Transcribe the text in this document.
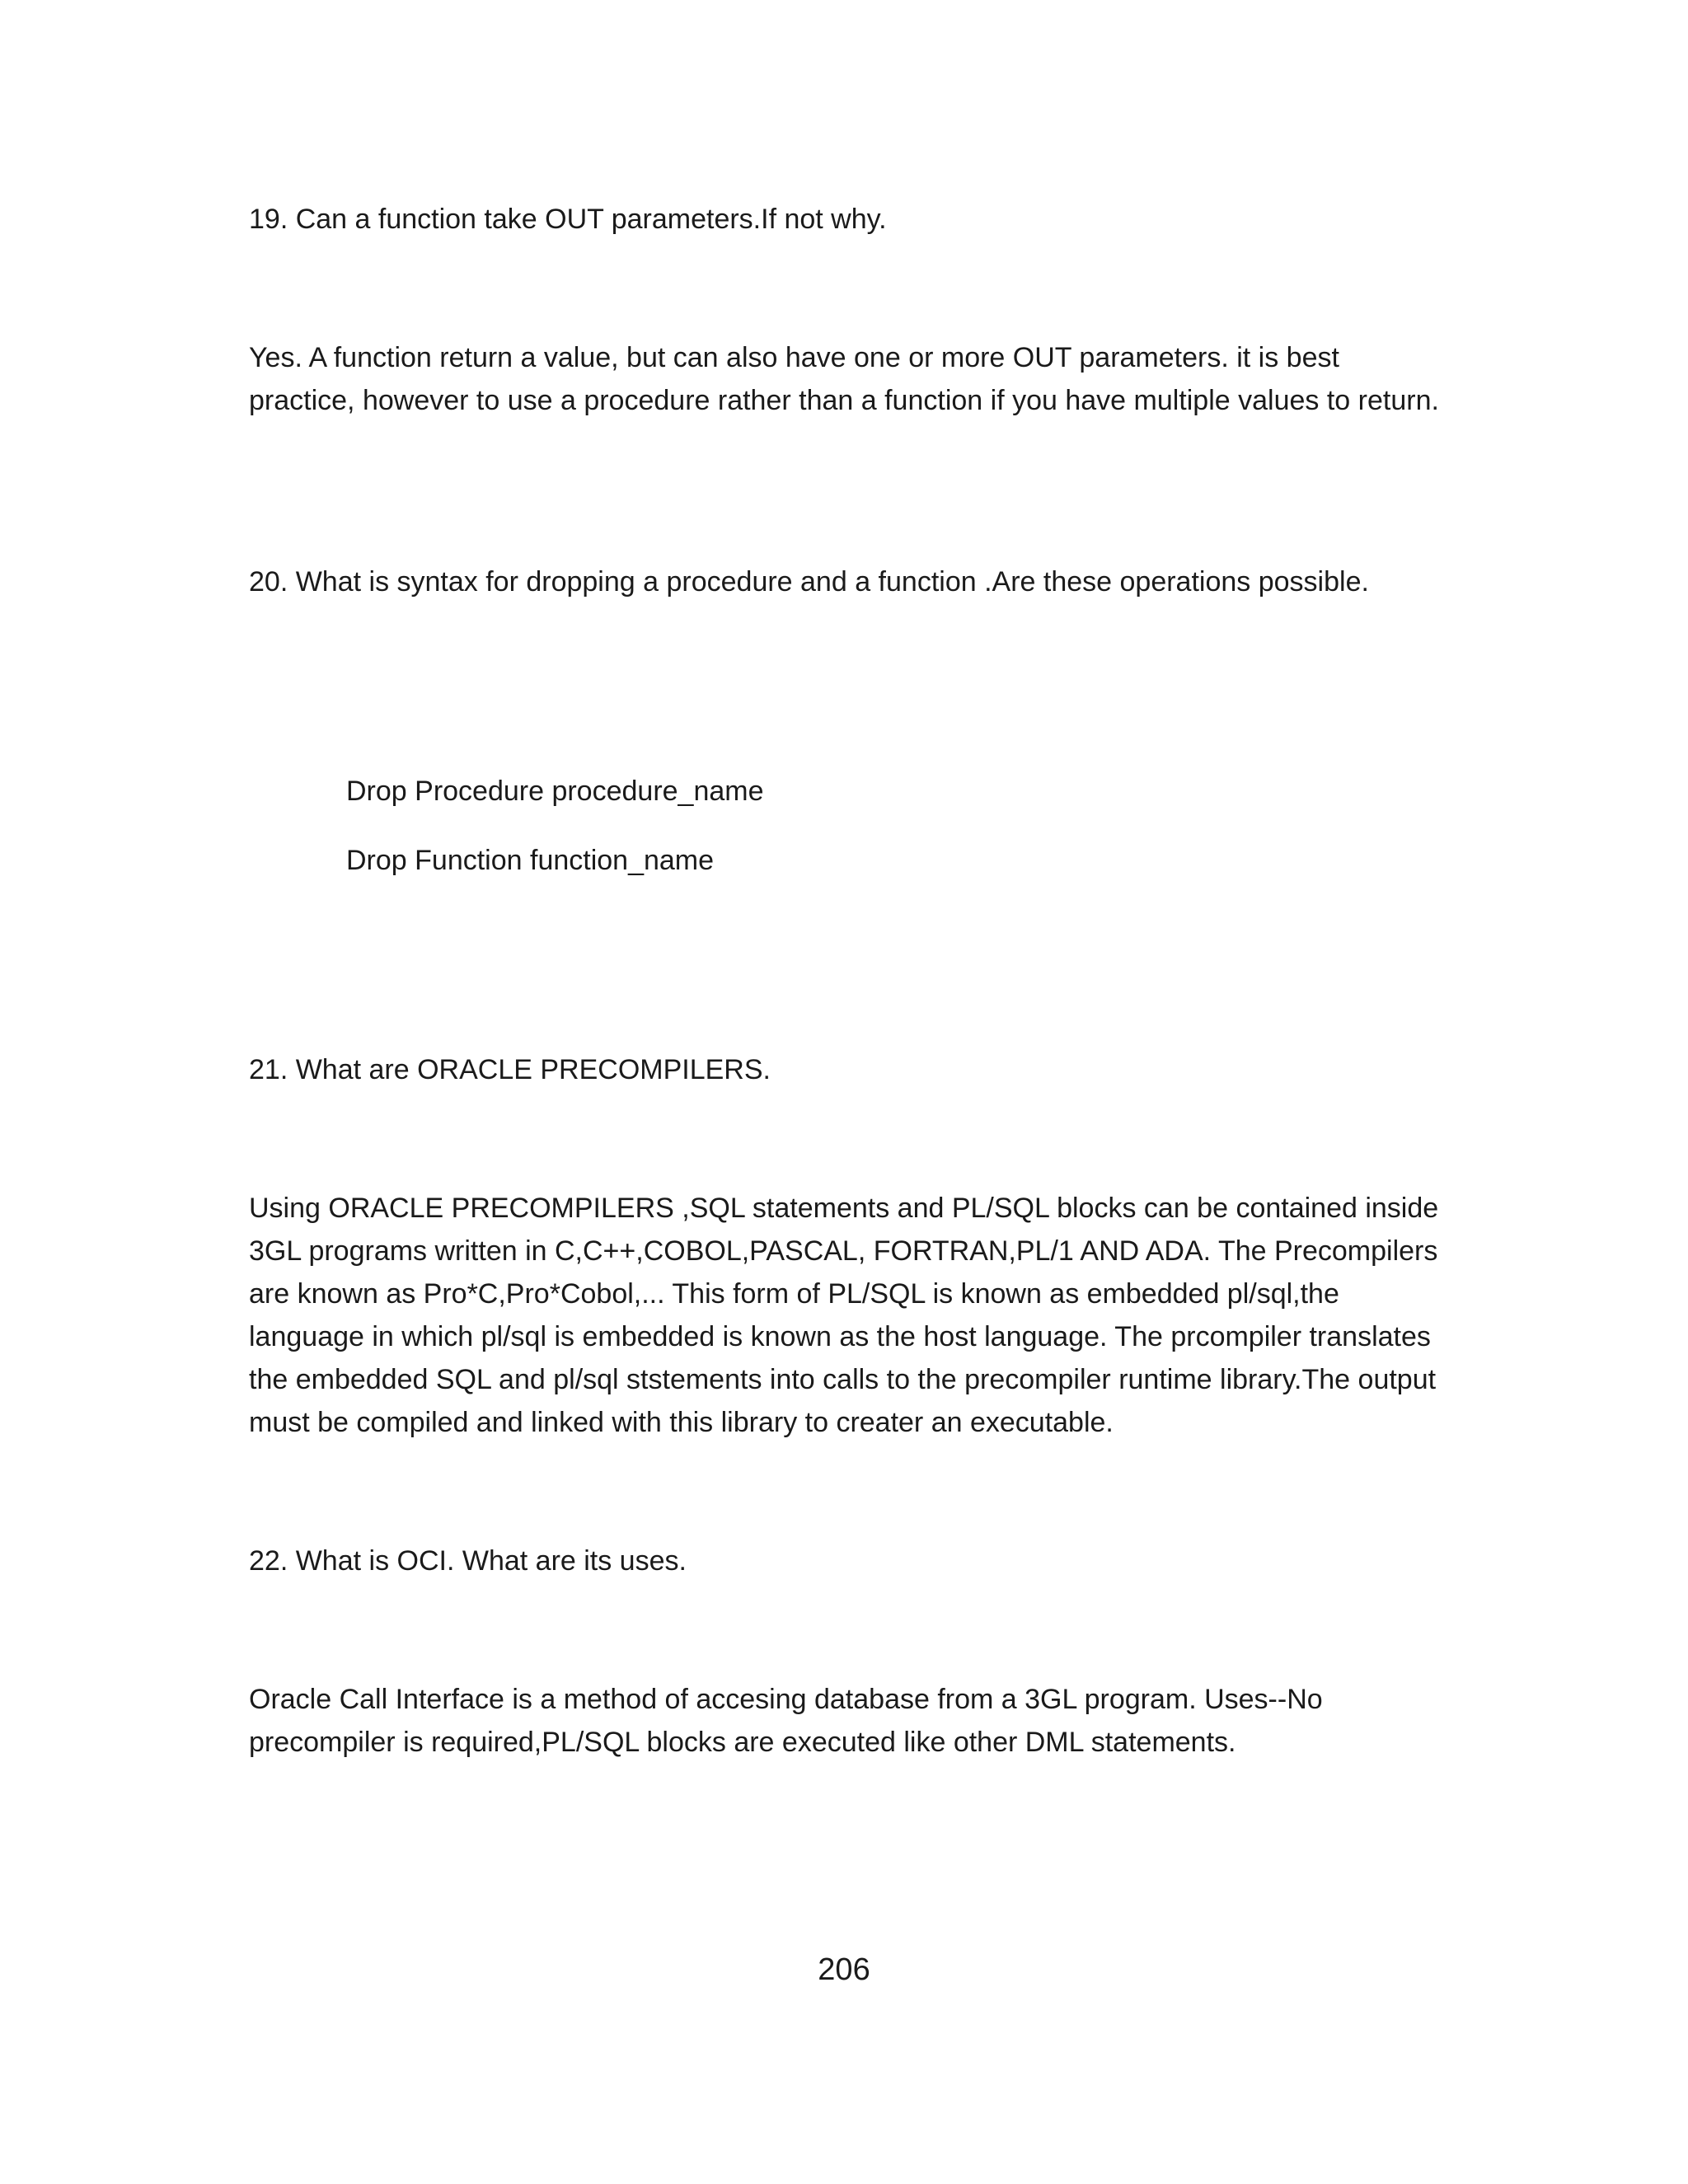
19. Can a function take OUT parameters.If not why.

Yes. A function return a value, but can also have one or more OUT parameters. it is best practice, however to use a procedure rather than a function if you have multiple values to return.

20. What is syntax for dropping a procedure and a function .Are these operations possible.

Drop Procedure procedure_name

Drop Function function_name

21. What are ORACLE PRECOMPILERS.

Using ORACLE PRECOMPILERS ,SQL statements and PL/SQL blocks can be contained inside 3GL programs written in C,C++,COBOL,PASCAL, FORTRAN,PL/1 AND ADA. The Precompilers are known as Pro*C,Pro*Cobol,... This form of PL/SQL is known as embedded pl/sql,the language in which pl/sql is embedded is known as the host language. The prcompiler translates the embedded SQL and pl/sql ststements into calls to the precompiler runtime library.The output must be compiled and linked with this library to creater an executable.

22. What is OCI. What are its uses.

Oracle Call Interface is a method of accesing database from a 3GL program. Uses--No precompiler is required,PL/SQL blocks are executed like other DML statements.

206
